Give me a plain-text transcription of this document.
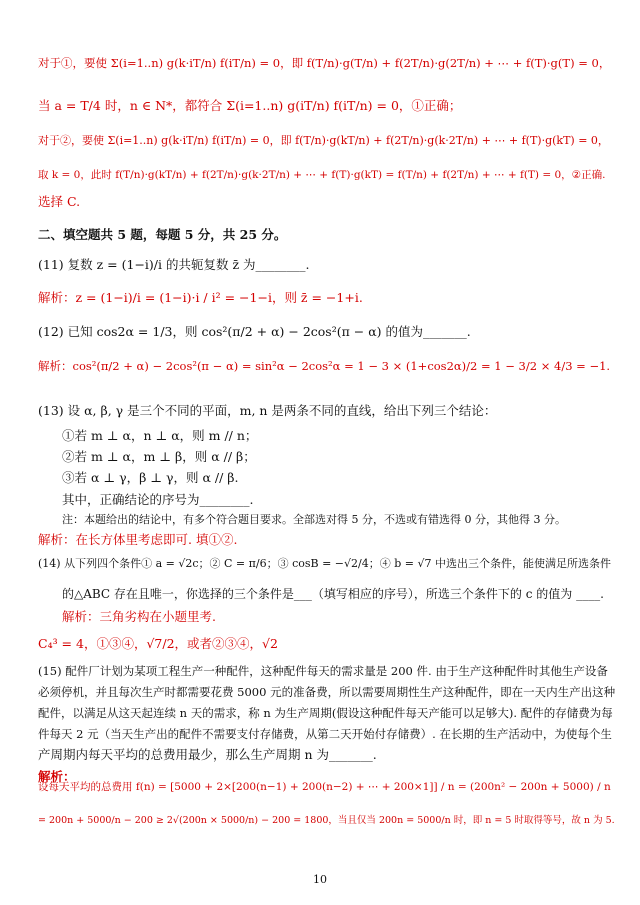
对于①，要使 Σ(i=1..n) g(k·iT/n) f(iT/n) = 0，即 f(T/n)·g(T/n) + f(2T/n)·g(2T/n) + ⋯ + f(T)·g(T) = 0，
当 a = T/4 时，n ∈ N*，都符合 Σ(i=1..n) g(iT/n) f(iT/n) = 0，①正确；
对于②，要使 Σ(i=1..n) g(k·iT/n) f(iT/n) = 0，即 f(T/n)·g(kT/n) + f(2T/n)·g(k·2T/n) + ⋯ + f(T)·g(kT) = 0，
取 k = 0，此时 f(T/n)·g(kT/n) + f(2T/n)·g(k·2T/n) + ⋯ + f(T)·g(kT) = f(T/n) + f(2T/n) + ⋯ + f(T) = 0，②正确.
选择 C.
二、填空题共 5 题，每题 5 分，共 25 分。
(11) 复数 z = (1−i)/i 的共轭复数 z̄ 为________.
解析：z = (1−i)/i = (1−i)·i / i² = −1−i，则 z̄ = −1+i.
(12) 已知 cos2α = 1/3，则 cos²(π/2 + α) − 2cos²(π − α) 的值为_______.
解析：cos²(π/2 + α) − 2cos²(π − α) = sin²α − 2cos²α = 1 − 3 × (1+cos2α)/2 = 1 − 3/2 × 4/3 = −1.
(13) 设 α, β, γ 是三个不同的平面，m, n 是两条不同的直线，给出下列三个结论：
①若 m ⊥ α，n ⊥ α，则 m // n；
②若 m ⊥ α，m ⊥ β，则 α // β；
③若 α ⊥ γ，β ⊥ γ，则 α // β.
其中，正确结论的序号为________.
注：本题给出的结论中，有多个符合题目要求。全部选对得 5 分，不选或有错选得 0 分，其他得 3 分。
解析：在长方体里考虑即可. 填①②.
(14) 从下列四个条件① a = √2c；② C = π/6；③ cosB = −√2/4；④ b = √7 中选出三个条件，能使满足所选条件
的△ABC 存在且唯一，你选择的三个条件是___（填写相应的序号），所选三个条件下的 c 的值为 ____.
解析：三角劣构在小题里考.
C₄³ = 4，①③④，√7/2，或者②③④，√2
(15) 配件厂计划为某项工程生产一种配件，这种配件每天的需求量是 200 件. 由于生产这种配件时其他生产设备
必须停机，并且每次生产时都需要花费 5000 元的准备费，所以需要周期性生产这种配件，即在一天内生产出这种
配件，以满足从这天起连续 n 天的需求，称 n 为生产周期(假设这种配件每天产能可以足够大). 配件的存储费为每
件每天 2 元（当天生产出的配件不需要支付存储费，从第二天开始付存储费）. 在长期的生产活动中，为使每个生
产周期内每天平均的总费用最少，那么生产周期 n 为_______.
解析：
设每天平均的总费用 f(n) = [5000 + 2×[200(n−1) + 200(n−2) + ⋯ + 200×1]] / n = (200n² − 200n + 5000) / n
= 200n + 5000/n − 200 ≥ 2√(200n × 5000/n) − 200 = 1800，当且仅当 200n = 5000/n 时，即 n = 5 时取得等号，故 n 为 5.
10
